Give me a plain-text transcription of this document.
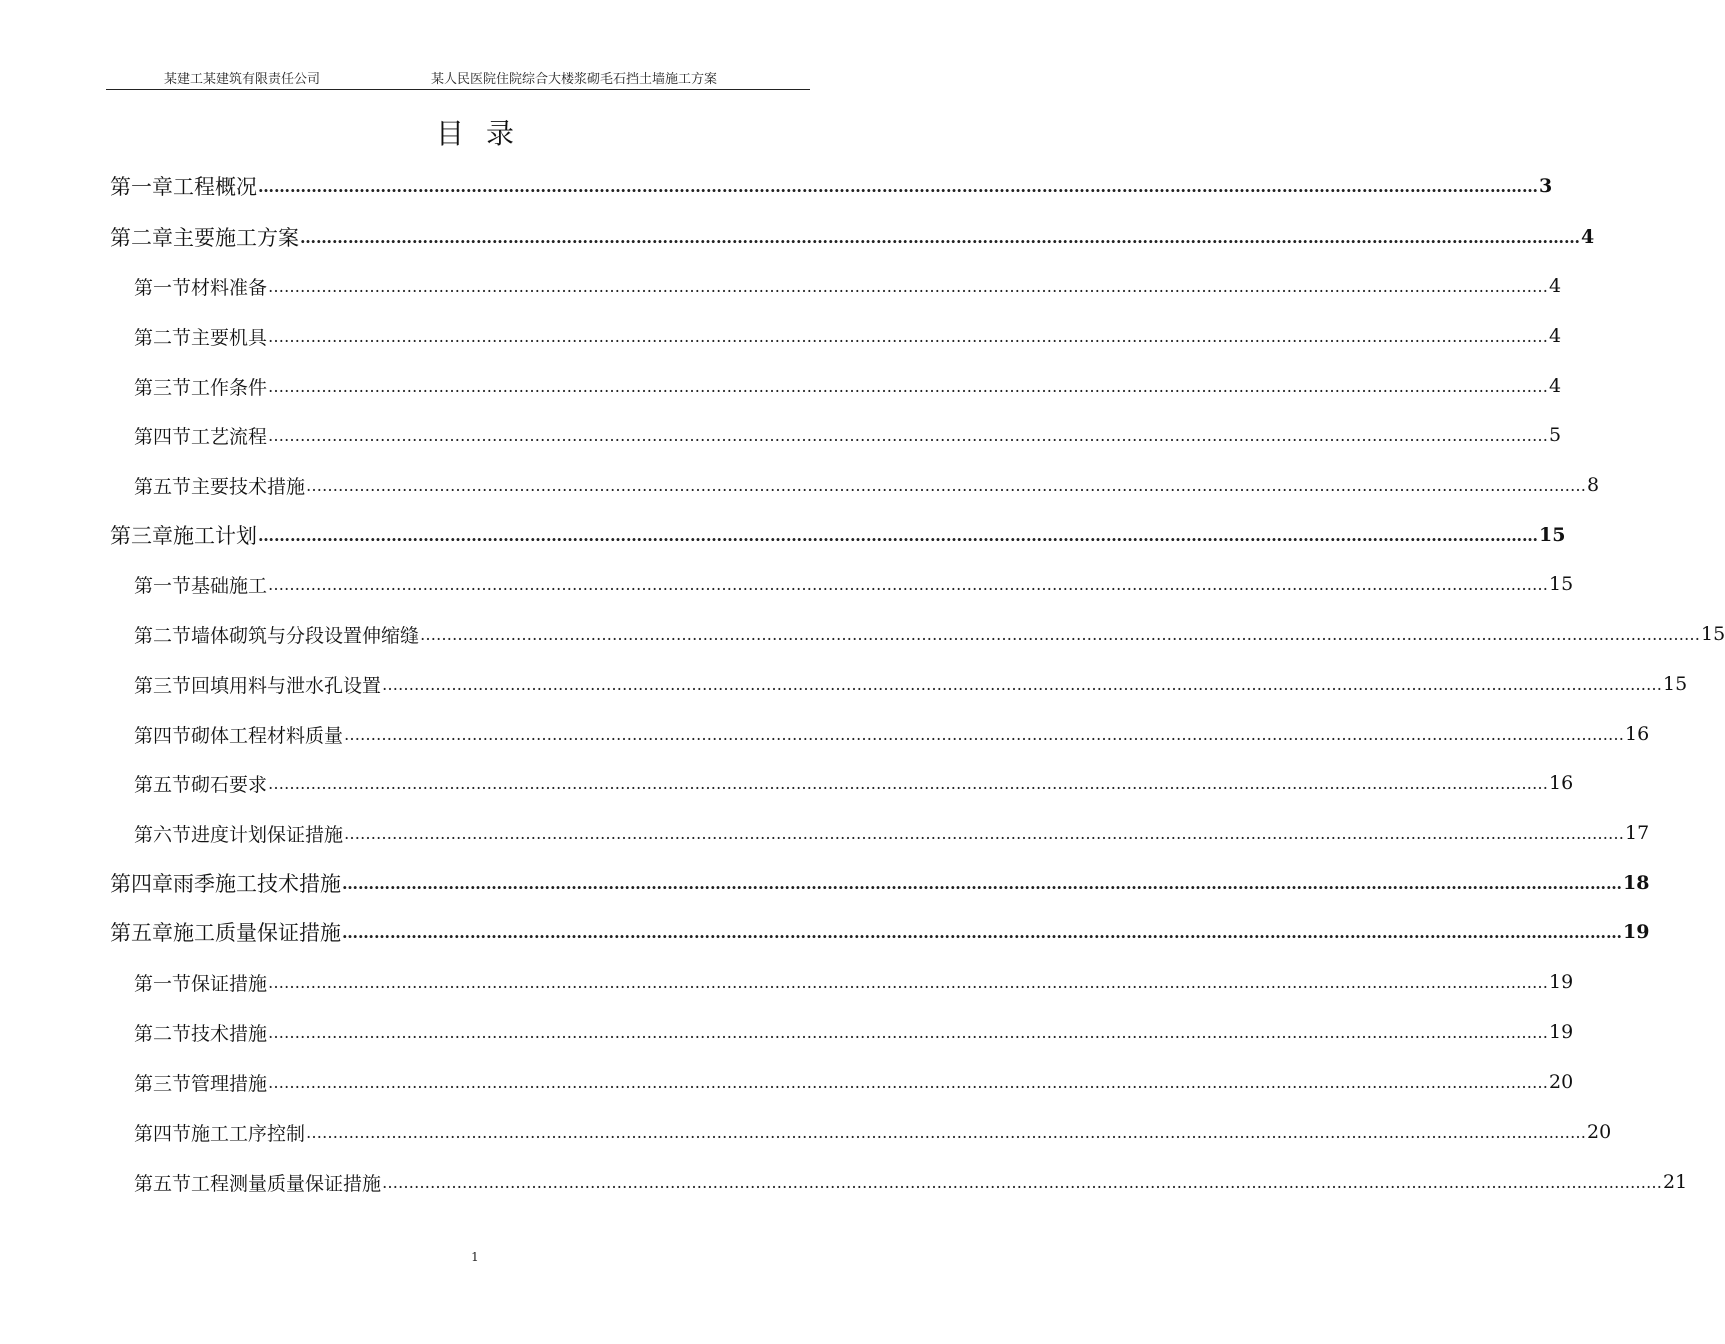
某建工某建筑有限责任公司	某人民医院住院综合大楼浆砌毛石挡土墙施工方案
目录
第一章 工程概况 …………………………………………………………………………………………………………………………………………………………………………………………………………………… 3
第二章 主要施工方案 …………………………………………………………………………………………………………………………………………………………………………………………………………………… 4
第一节 材料准备 …………………………………………………………………………………………………………………………………………………………………………………………………………………… 4
第二节 主要机具 …………………………………………………………………………………………………………………………………………………………………………………………………………………… 4
第三节 工作条件 …………………………………………………………………………………………………………………………………………………………………………………………………………………… 4
第四节 工艺流程 …………………………………………………………………………………………………………………………………………………………………………………………………………………… 5
第五节 主要技术措施 …………………………………………………………………………………………………………………………………………………………………………………………………………………… 8
第三章 施工计划 …………………………………………………………………………………………………………………………………………………………………………………………………………………… 15
第一节 基础施工 …………………………………………………………………………………………………………………………………………………………………………………………………………………… 15
第二节 墙体砌筑与分段设置伸缩缝 …………………………………………………………………………………………………………………………………………………………………………………………………………………… 15
第三节 回填用料与泄水孔设置 …………………………………………………………………………………………………………………………………………………………………………………………………………………… 15
第四节 砌体工程材料质量 …………………………………………………………………………………………………………………………………………………………………………………………………………………… 16
第五节 砌石要求 …………………………………………………………………………………………………………………………………………………………………………………………………………………… 16
第六节 进度计划保证措施 …………………………………………………………………………………………………………………………………………………………………………………………………………………… 17
第四章 雨季施工技术措施 …………………………………………………………………………………………………………………………………………………………………………………………………………………… 18
第五章 施工质量保证措施 …………………………………………………………………………………………………………………………………………………………………………………………………………………… 19
第一节 保证措施 …………………………………………………………………………………………………………………………………………………………………………………………………………………… 19
第二节 技术措施 …………………………………………………………………………………………………………………………………………………………………………………………………………………… 19
第三节 管理措施 …………………………………………………………………………………………………………………………………………………………………………………………………………………… 20
第四节 施工工序控制 …………………………………………………………………………………………………………………………………………………………………………………………………………………… 20
第五节 工程测量质量保证措施 …………………………………………………………………………………………………………………………………………………………………………………………………………………… 21
1
